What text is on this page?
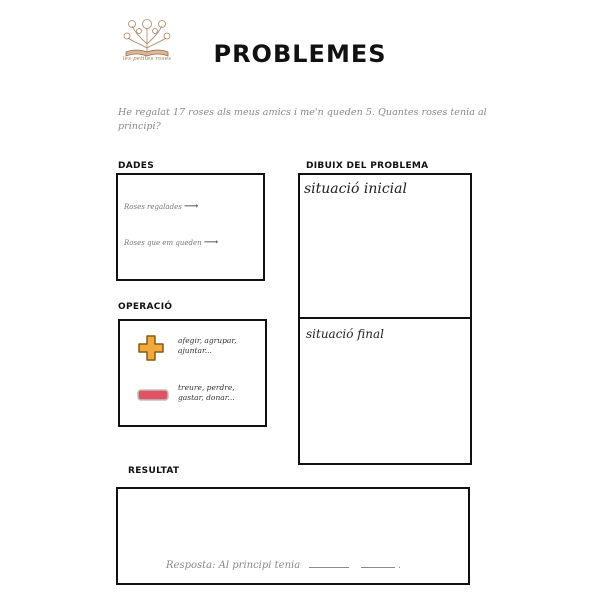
les petites roses PROBLEMES
He regalat 17 roses als meus amics i me'n queden 5. Quantes roses tenia al principi?
DADES
Roses regalades ⟶
Roses que em queden ⟶
DIBUIX DEL PROBLEMA
situació inicial
situació final
OPERACIÓ
afegir, agrupar,
ajuntar...
treure, perdre,
gastar, donar...
RESULTAT
Resposta: Al principi tenia	.
